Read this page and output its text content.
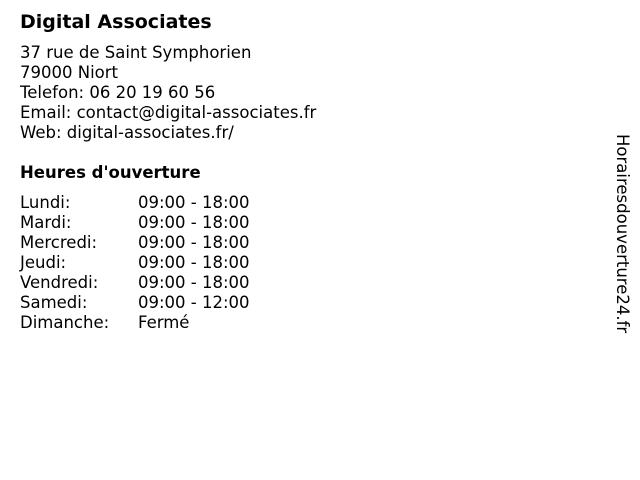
Digital Associates
37 rue de Saint Symphorien
79000 Niort
Telefon: 06 20 19 60 56
Email: contact@digital-associates.fr
Web: digital-associates.fr/
Heures d'ouverture
Lundi:	09:00 - 18:00
Mardi:	09:00 - 18:00
Mercredi:	09:00 - 18:00
Jeudi:	09:00 - 18:00
Vendredi:	09:00 - 18:00
Samedi:	09:00 - 12:00
Dimanche:	Fermé	Horairesdouverture24.fr
